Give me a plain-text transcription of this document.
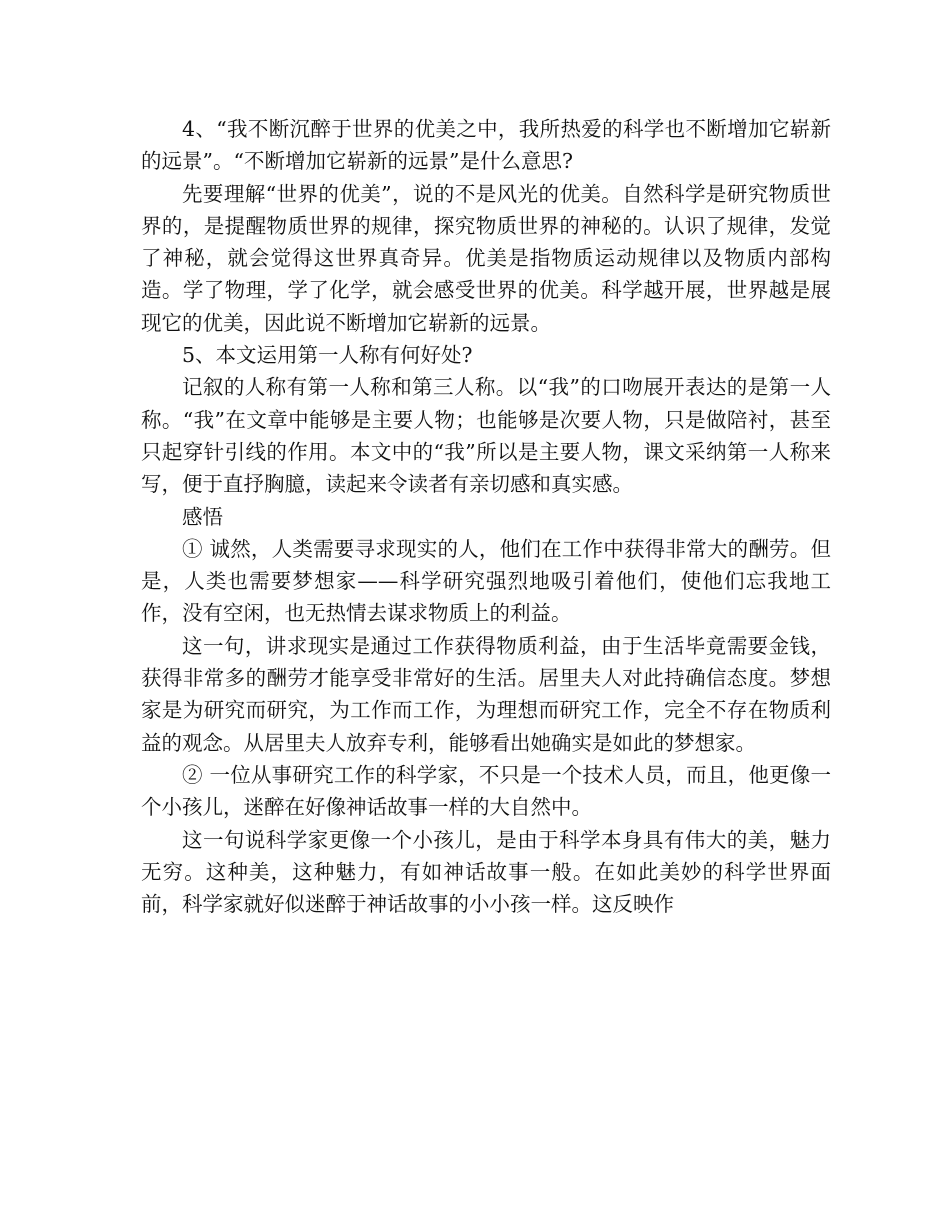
4、“我不断沉醉于世界的优美之中，我所热爱的科学也不断增加它崭新的远景”。“不断增加它崭新的远景”是什么意思?

先要理解“世界的优美”，说的不是风光的优美。自然科学是研究物质世界的，是提醒物质世界的规律，探究物质世界的神秘的。认识了规律，发觉了神秘，就会觉得这世界真奇异。优美是指物质运动规律以及物质内部构造。学了物理，学了化学，就会感受世界的优美。科学越开展，世界越是展现它的优美，因此说不断增加它崭新的远景。

5、本文运用第一人称有何好处?

记叙的人称有第一人称和第三人称。以“我”的口吻展开表达的是第一人称。“我”在文章中能够是主要人物；也能够是次要人物，只是做陪衬，甚至只起穿针引线的作用。本文中的“我”所以是主要人物，课文采纳第一人称来写，便于直抒胸臆，读起来令读者有亲切感和真实感。

感悟

① 诚然，人类需要寻求现实的人，他们在工作中获得非常大的酬劳。但是，人类也需要梦想家——科学研究强烈地吸引着他们，使他们忘我地工作，没有空闲，也无热情去谋求物质上的利益。

这一句，讲求现实是通过工作获得物质利益，由于生活毕竟需要金钱，获得非常多的酬劳才能享受非常好的生活。居里夫人对此持确信态度。梦想家是为研究而研究，为工作而工作，为理想而研究工作，完全不存在物质利益的观念。从居里夫人放弃专利，能够看出她确实是如此的梦想家。

② 一位从事研究工作的科学家，不只是一个技术人员，而且，他更像一个小孩儿，迷醉在好像神话故事一样的大自然中。

这一句说科学家更像一个小孩儿，是由于科学本身具有伟大的美，魅力无穷。这种美，这种魅力，有如神话故事一般。在如此美妙的科学世界面前，科学家就好似迷醉于神话故事的小小孩一样。这反映作
